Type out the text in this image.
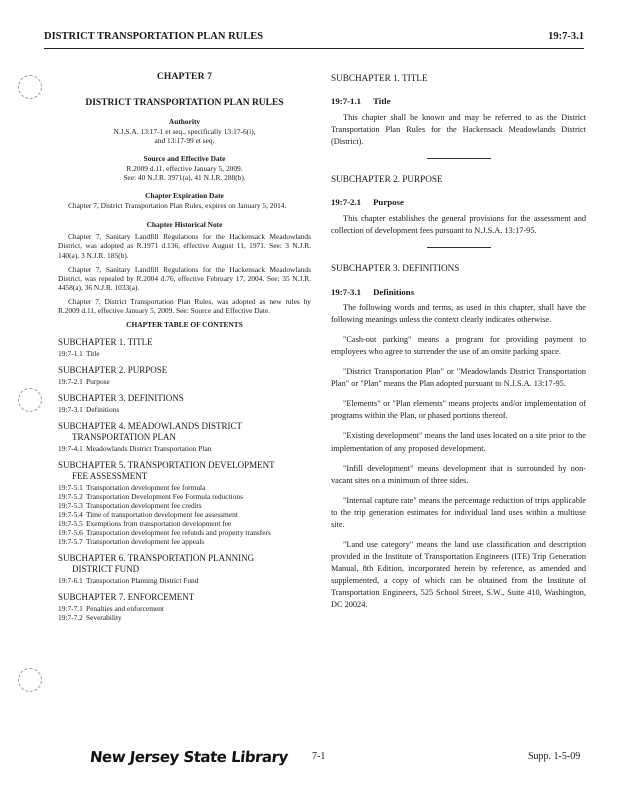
DISTRICT TRANSPORTATION PLAN RULES	19:7-3.1
CHAPTER 7
DISTRICT TRANSPORTATION PLAN RULES
Authority
N.J.S.A. 13:17-1 et seq., specifically 13:17-6(i),
and 13:17-99 et seq.
Source and Effective Date
R.2009 d.11, effective January 5, 2009.
See: 40 N.J.R. 3971(a), 41 N.J.R. 288(b).
Chapter Expiration Date

Chapter 7, District Transportation Plan Rules, expires on January 5, 2014.

Chapter Historical Note

Chapter 7, Sanitary Landfill Regulations for the Hackensack Meadowlands District, was adopted as R.1971 d.136, effective August 11, 1971. See: 3 N.J.R. 140(a), 3 N.J.R. 185(b).

Chapter 7, Sanitary Landfill Regulations for the Hackensack Meadowlands District, was repealed by R.2004 d.76, effective February 17, 2004. See: 35 N.J.R. 4458(a), 36 N.J.R. 1033(a).

Chapter 7, District Transportation Plan Rules, was adopted as new rules by R.2009 d.11, effective January 5, 2009. See: Source and Effective Date.

CHAPTER TABLE OF CONTENTS
SUBCHAPTER 1. TITLE
19:7-1.1 Title
SUBCHAPTER 2. PURPOSE
19:7-2.1 Purpose
SUBCHAPTER 3. DEFINITIONS
19:7-3.1 Definitions
SUBCHAPTER 4. MEADOWLANDS DISTRICT
TRANSPORTATION PLAN
19:7-4.1 Meadowlands District Transportation Plan
SUBCHAPTER 5. TRANSPORTATION DEVELOPMENT
FEE ASSESSMENT
19:7-5.1 Transportation development fee formula
19:7-5.2 Transportation Development Fee Formula reductions
19:7-5.3 Transportation development fee credits
19:7-5.4 Time of transportation development fee assessment
19:7-5.5 Exemptions from transportation development fee
19:7-5.6 Transportation development fee refunds and property transfers
19:7-5.7 Transportation development fee appeals
SUBCHAPTER 6. TRANSPORTATION PLANNING
DISTRICT FUND
19:7-6.1 Transportation Planning District Fund
SUBCHAPTER 7. ENFORCEMENT
19:7-7.1 Penalties and enforcement
19:7-7.2 Severability
SUBCHAPTER 1. TITLE
19:7-1.1 Title

This chapter shall be known and may be referred to as the District Transportation Plan Rules for the Hackensack Meadowlands District (District).

SUBCHAPTER 2. PURPOSE
19:7-2.1 Purpose

This chapter establishes the general provisions for the assessment and collection of development fees pursuant to N.J.S.A. 13:17-95.

SUBCHAPTER 3. DEFINITIONS
19:7-3.1 Definitions

The following words and terms, as used in this chapter, shall have the following meanings unless the context clearly indicates otherwise.

"Cash-out parking" means a program for providing payment to employees who agree to surrender the use of an onsite parking space.

"District Transportation Plan" or "Meadowlands District Transportation Plan" or "Plan" means the Plan adopted pursuant to N.J.S.A. 13:17-95.

"Elements" or "Plan elements" means projects and/or implementation of programs within the Plan, or phased portions thereof.

"Existing development" means the land uses located on a site prior to the implementation of any proposed development.

"Infill development" means development that is surrounded by non-vacant sites on a minimum of three sides.

"Internal capture rate" means the percentage reduction of trips applicable to the trip generation estimates for individual land uses within a multiuse site.

"Land use category" means the land use classification and description provided in the Institute of Transportation Engineers (ITE) Trip Generation Manual, 8th Edition, incorporated herein by reference, as amended and supplemented, a copy of which can be obtained from the Institute of Transportation Engineers, 525 School Street, S.W., Suite 410, Washington, DC 20024.

New Jersey State Library 7-1	Supp. 1-5-09
